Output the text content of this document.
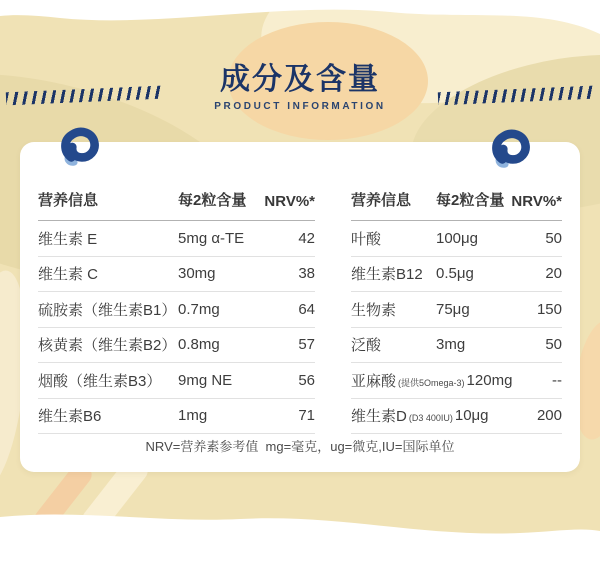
成分及含量
PRODUCT INFORMATION
营养信息	每2粒含量 NRV%*
维生素 E	5mg α-TE	42
维生素 C	30mg	38
硫胺素（维生素B1） 0.7mg	64
核黄素（维生素B2） 0.8mg	57
烟酸（维生素B3） 9mg NE	56
维生素B6	1mg	71
营养信息	每2粒含量 NRV%*
叶酸	100μg	50
维生素B12 0.5μg	20
生物素	75μg	150
泛酸	3mg	50
亚麻酸 (提供5Omega-3) 120mg	--
维生素D (D3 400IU) 10μg	200
NRV=营养素参考值  mg=毫克，ug=微克,IU=国际单位
